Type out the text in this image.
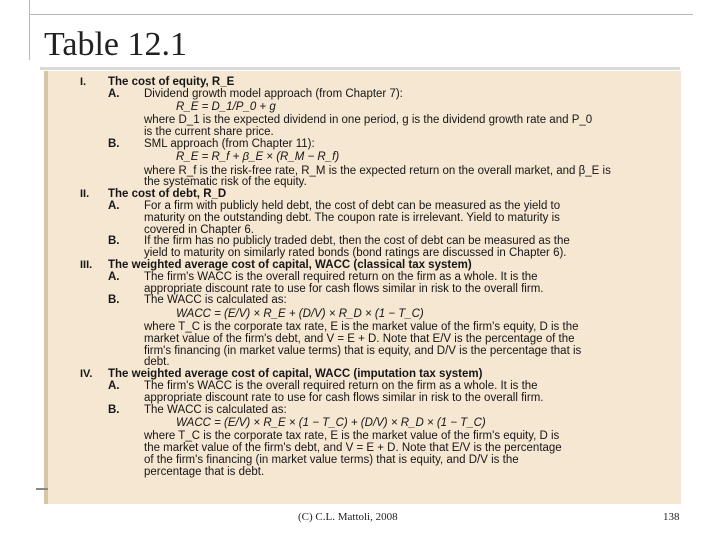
Table 12.1
I. The cost of equity, R_E
A. Dividend growth model approach (from Chapter 7):
R_E = D_1/P_0 + g
where D_1 is the expected dividend in one period, g is the dividend growth rate and P_0
is the current share price.
B. SML approach (from Chapter 11):
R_E = R_f + β_E × (R_M − R_f)
where R_f is the risk-free rate, R_M is the expected return on the overall market, and β_E is
the systematic risk of the equity.
II. The cost of debt, R_D
A. For a firm with publicly held debt, the cost of debt can be measured as the yield to
maturity on the outstanding debt. The coupon rate is irrelevant. Yield to maturity is
covered in Chapter 6.
B. If the firm has no publicly traded debt, then the cost of debt can be measured as the
yield to maturity on similarly rated bonds (bond ratings are discussed in Chapter 6).
III. The weighted average cost of capital, WACC (classical tax system)
A. The firm's WACC is the overall required return on the firm as a whole. It is the
appropriate discount rate to use for cash flows similar in risk to the overall firm.
B. The WACC is calculated as:
WACC = (E/V) × R_E + (D/V) × R_D × (1 − T_C)
where T_C is the corporate tax rate, E is the market value of the firm's equity, D is the
market value of the firm's debt, and V = E + D. Note that E/V is the percentage of the
firm's financing (in market value terms) that is equity, and D/V is the percentage that is
debt.
IV. The weighted average cost of capital, WACC (imputation tax system)
A. The firm's WACC is the overall required return on the firm as a whole. It is the
appropriate discount rate to use for cash flows similar in risk to the overall firm.
B. The WACC is calculated as:
WACC = (E/V) × R_E × (1 − T_C) + (D/V) × R_D × (1 − T_C)
where T_C is the corporate tax rate, E is the market value of the firm's equity, D is
the market value of the firm's debt, and V = E + D. Note that E/V is the percentage
of the firm's financing (in market value terms) that is equity, and D/V is the
percentage that is debt.
(C) C.L. Mattoli, 2008	138
